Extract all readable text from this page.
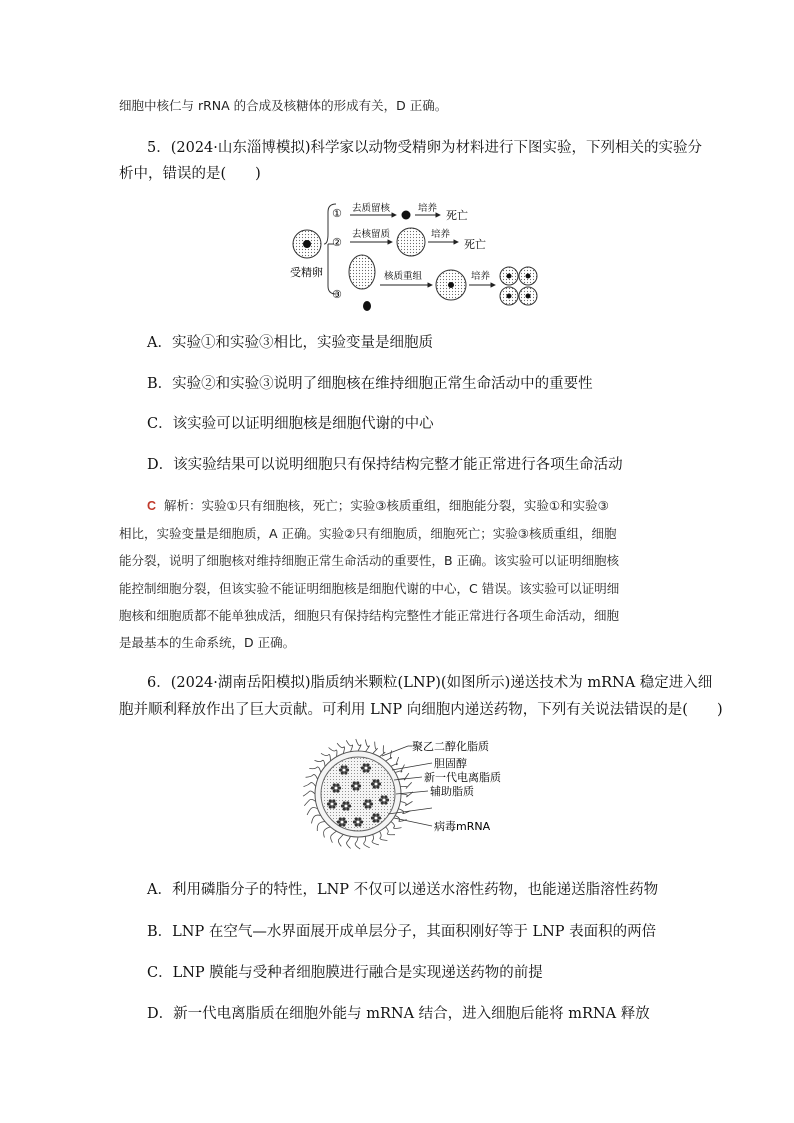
细胞中核仁与 rRNA 的合成及核糖体的形成有关，D 正确。
5．(2024·山东淄博模拟)科学家以动物受精卵为材料进行下图实验，下列相关的实验分
析中，错误的是(　　)
受精卵
① 去质留核	培养
死亡
②
去核留质	培养
死亡
③
核质重组	培养
A．实验①和实验③相比，实验变量是细胞质
B．实验②和实验③说明了细胞核在维持细胞正常生命活动中的重要性
C．该实验可以证明细胞核是细胞代谢的中心
D．该实验结果可以说明细胞只有保持结构完整才能正常进行各项生命活动
C 解析：实验①只有细胞核，死亡；实验③核质重组，细胞能分裂，实验①和实验③
相比，实验变量是细胞质，A 正确。实验②只有细胞质，细胞死亡；实验③核质重组，细胞
能分裂，说明了细胞核对维持细胞正常生命活动的重要性，B 正确。该实验可以证明细胞核
能控制细胞分裂，但该实验不能证明细胞核是细胞代谢的中心，C 错误。该实验可以证明细
胞核和细胞质都不能单独成活，细胞只有保持结构完整性才能正常进行各项生命活动，细胞
是最基本的生命系统，D 正确。
6．(2024·湖南岳阳模拟)脂质纳米颗粒(LNP)(如图所示)递送技术为 mRNA 稳定进入细
胞并顺利释放作出了巨大贡献。可利用 LNP 向细胞内递送药物，下列有关说法错误的是(　　)
聚乙二醇化脂质
胆固醇
新一代电离脂质
辅助脂质
病毒mRNA
A．利用磷脂分子的特性，LNP 不仅可以递送水溶性药物，也能递送脂溶性药物
B．LNP 在空气—水界面展开成单层分子，其面积刚好等于 LNP 表面积的两倍
C．LNP 膜能与受种者细胞膜进行融合是实现递送药物的前提
D．新一代电离脂质在细胞外能与 mRNA 结合，进入细胞后能将 mRNA 释放
